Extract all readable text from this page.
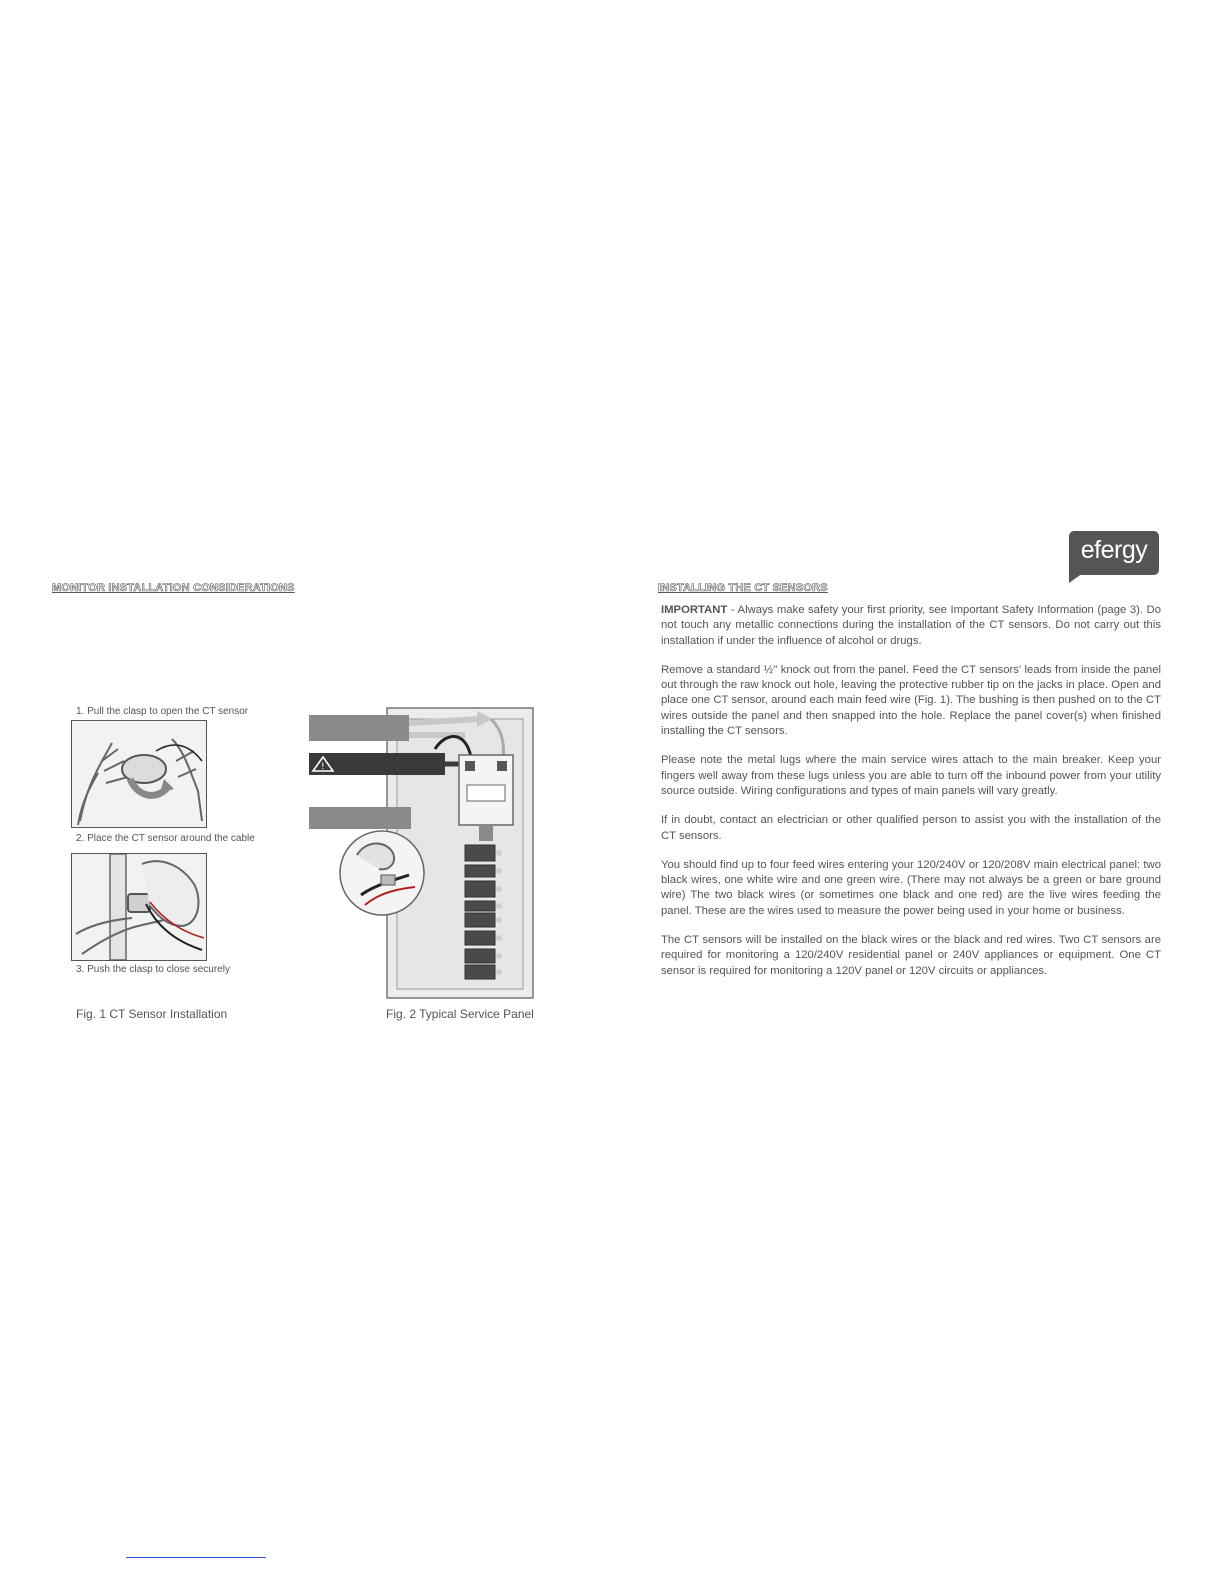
MONITOR INSTALLATION CONSIDERATIONS
1. Pull the clasp to open the CT sensor
2. Place the CT sensor around the cable
3. Push the clasp to close securely
Fig. 1 CT Sensor Installation
!
Fig. 2 Typical Service Panel
efergy
INSTALLING THE CT SENSORS

IMPORTANT - Always make safety your first priority, see Important Safety Information (page 3). Do not touch any metallic connections during the installation of the CT sensors. Do not carry out this installation if under the influence of alcohol or drugs.

Remove a standard ½" knock out from the panel. Feed the CT sensors' leads from inside the panel out through the raw knock out hole, leaving the protective rubber tip on the jacks in place. Open and place one CT sensor, around each main feed wire (Fig. 1). The bushing is then pushed on to the CT wires outside the panel and then snapped into the hole. Replace the panel cover(s) when finished installing the CT sensors.

Please note the metal lugs where the main service wires attach to the main breaker. Keep your fingers well away from these lugs unless you are able to turn off the inbound power from your utility source outside. Wiring configurations and types of main panels will vary greatly.

If in doubt, contact an electrician or other qualified person to assist you with the installation of the CT sensors.

You should find up to four feed wires entering your 120/240V or 120/208V main electrical panel: two black wires, one white wire and one green wire. (There may not always be a green or bare ground wire) The two black wires (or sometimes one black and one red) are the live wires feeding the panel. These are the wires used to measure the power being used in your home or business.

The CT sensors will be installed on the black wires or the black and red wires. Two CT sensors are required for monitoring a 120/240V residential panel or 240V appliances or equipment. One CT sensor is required for monitoring a 120V panel or 120V circuits or appliances.
